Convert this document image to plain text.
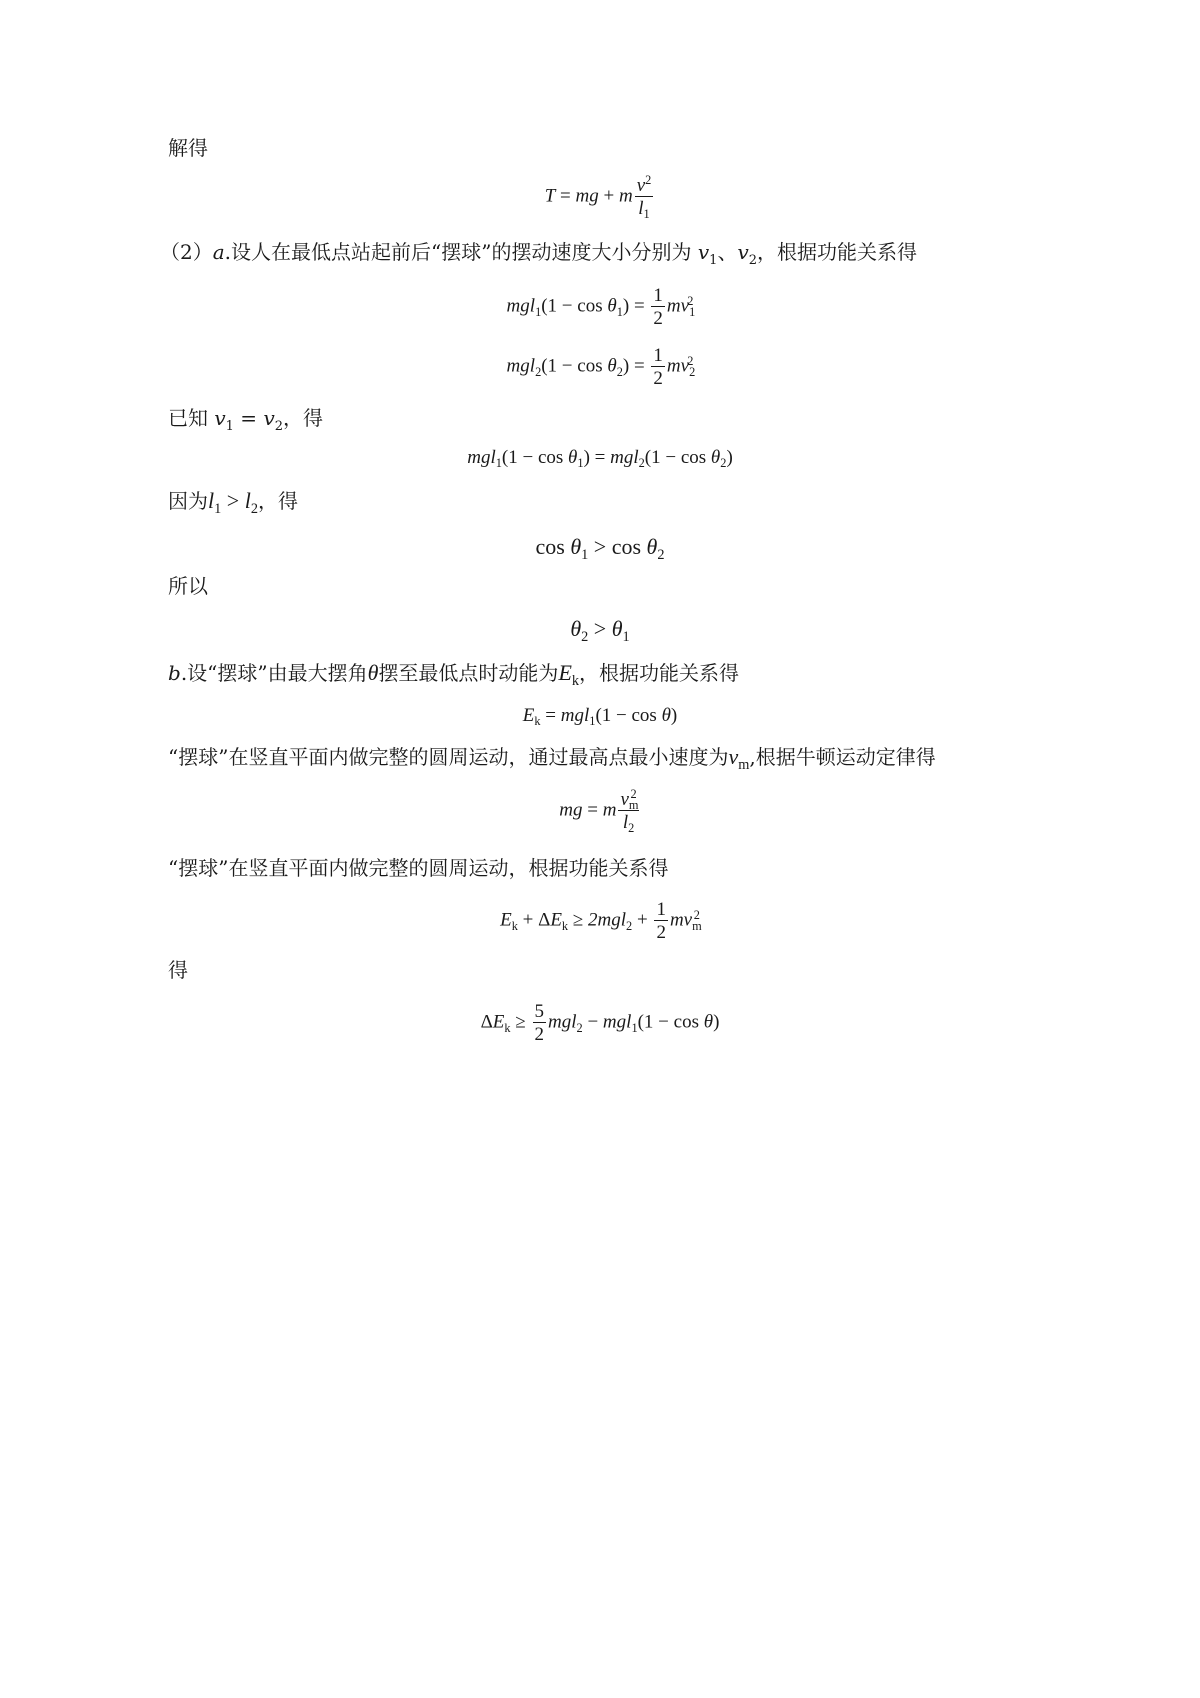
解得
T = mg + m $\frac{v^2}{l_1}$
（2）a.设人在最低点站起前后“摆球”的摆动速度大小分别为 $v_1$、$v_2$，根据功能关系得
$mgl_1(1 - \cos \theta_1) = \frac{1}{2} mv_1^2$
$mgl_2(1 - \cos \theta_2) = \frac{1}{2} mv_2^2$
已知 $v_1 = v_2$，得
$mgl_1(1 - \cos \theta_1) = mgl_2(1 - \cos \theta_2)$
因为$l_1 > l_2$，得
$\cos \theta_1 > \cos \theta_2$
所以
$\theta_2 > \theta_1$
b.设“摆球”由最大摆角θ摆至最低点时动能为$E_k$，根据功能关系得
$E_k = mgl_1(1 - \cos \theta)$
“摆球”在竖直平面内做完整的圆周运动，通过最高点最小速度为$v_m$,根据牛顿运动定律得
mg = m $\frac{v_m^2}{l_2}$
“摆球”在竖直平面内做完整的圆周运动，根据功能关系得
$E_k + \Delta E_k \ge 2mgl_2 + \frac{1}{2} mv_m^2$
得
$\Delta E_k \ge \frac{5}{2} mgl_2 - mgl_1(1 - \cos \theta)$
